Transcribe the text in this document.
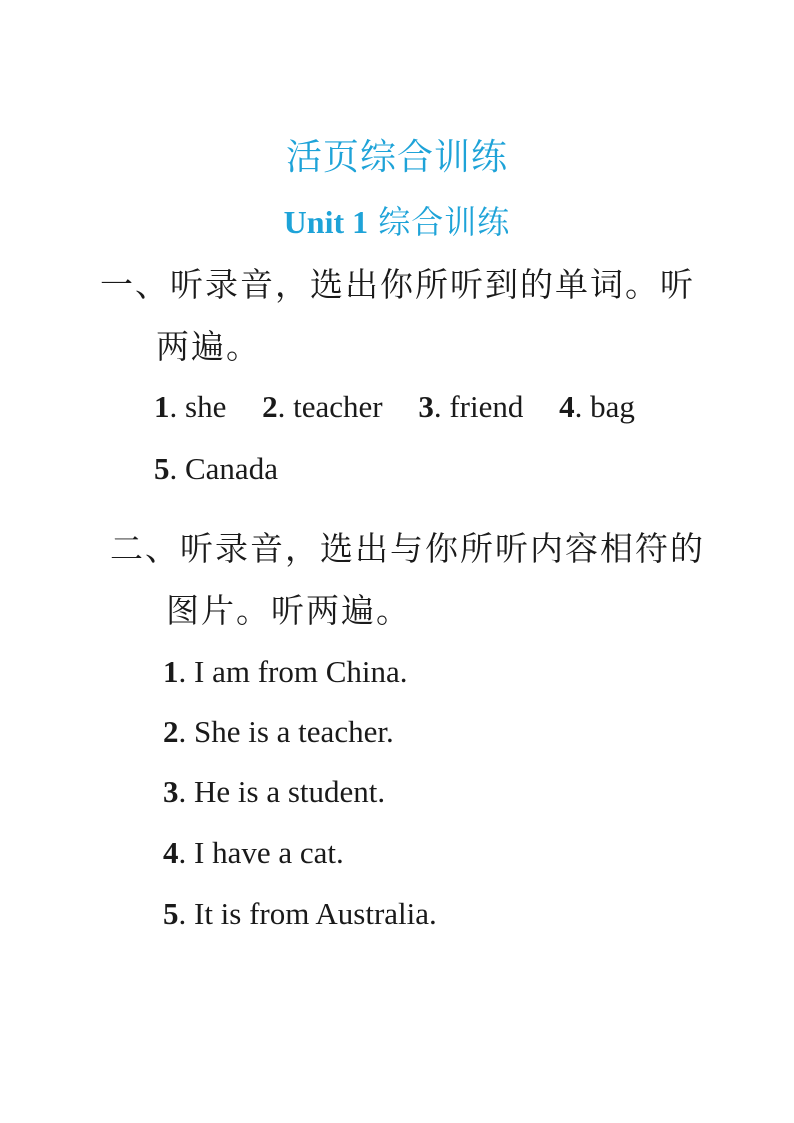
活页综合训练
Unit 1 综合训练
一、听录音，选出你所听到的单词。听
两遍。
1. she 2. teacher 3. friend 4. bag
5. Canada
二、听录音，选出与你所听内容相符的
图片。听两遍。
1. I am from China.
2. She is a teacher.
3. He is a student.
4. I have a cat.
5. It is from Australia.
